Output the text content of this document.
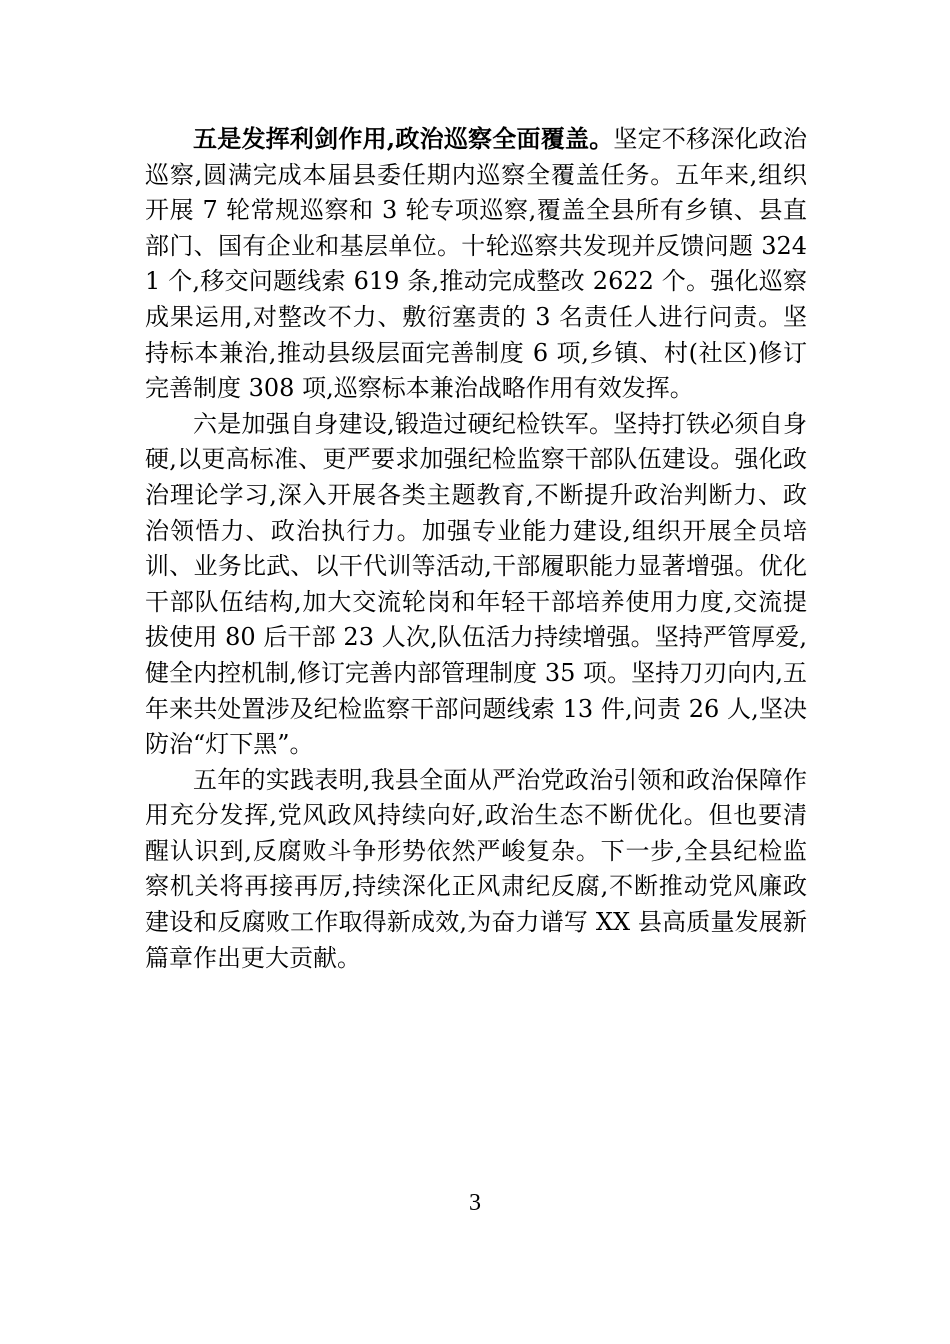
五是发挥利剑作用,政治巡察全面覆盖。坚定不移深化政治巡察,圆满完成本届县委任期内巡察全覆盖任务。五年来,组织开展 7 轮常规巡察和 3 轮专项巡察,覆盖全县所有乡镇、县直部门、国有企业和基层单位。十轮巡察共发现并反馈问题 3241 个,移交问题线索 619 条,推动完成整改 2622 个。强化巡察成果运用,对整改不力、敷衍塞责的 3 名责任人进行问责。坚持标本兼治,推动县级层面完善制度 6 项,乡镇、村(社区)修订完善制度 308 项,巡察标本兼治战略作用有效发挥。

六是加强自身建设,锻造过硬纪检铁军。坚持打铁必须自身硬,以更高标准、更严要求加强纪检监察干部队伍建设。强化政治理论学习,深入开展各类主题教育,不断提升政治判断力、政治领悟力、政治执行力。加强专业能力建设,组织开展全员培训、业务比武、以干代训等活动,干部履职能力显著增强。优化干部队伍结构,加大交流轮岗和年轻干部培养使用力度,交流提拔使用 80 后干部 23 人次,队伍活力持续增强。坚持严管厚爱,健全内控机制,修订完善内部管理制度 35 项。坚持刀刃向内,五年来共处置涉及纪检监察干部问题线索 13 件,问责 26 人,坚决防治“灯下黑”。

五年的实践表明,我县全面从严治党政治引领和政治保障作用充分发挥,党风政风持续向好,政治生态不断优化。但也要清醒认识到,反腐败斗争形势依然严峻复杂。下一步,全县纪检监察机关将再接再厉,持续深化正风肃纪反腐,不断推动党风廉政建设和反腐败工作取得新成效,为奋力谱写 XX 县高质量发展新篇章作出更大贡献。

3
